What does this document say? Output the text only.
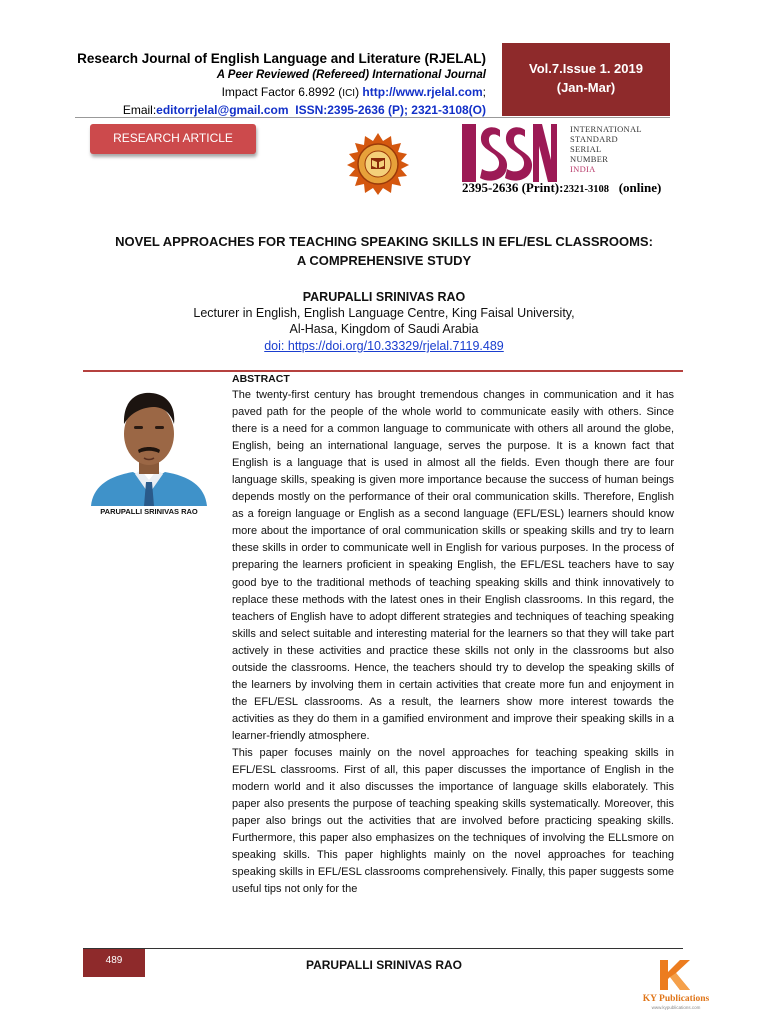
Research Journal of English Language and Literature (RJELAL)
A Peer Reviewed (Refereed) International Journal
Impact Factor 6.8992 (ICI) http://www.rjelal.com;
Email:editorrjelal@gmail.com ISSN:2395-2636 (P); 2321-3108(O)
Vol.7.Issue 1. 2019
(Jan-Mar)
RESEARCH ARTICLE
INTERNATIONAL
STANDARD
SERIAL
NUMBER
INDIA
2395-2636 (Print):2321-3108 (online)
NOVEL APPROACHES FOR TEACHING SPEAKING SKILLS IN EFL/ESL CLASSROOMS:
A COMPREHENSIVE STUDY
PARUPALLI SRINIVAS RAO
Lecturer in English, English Language Centre, King Faisal University,
Al-Hasa, Kingdom of Saudi Arabia
doi: https://doi.org/10.33329/rjelal.7119.489
PARUPALLI SRINIVAS RAO
ABSTRACT

The twenty-first century has brought tremendous changes in communication and it has paved path for the people of the whole world to communicate easily with others. Since there is a need for a common language to communicate with others all around the globe, English, being an international language, serves the purpose. It is a known fact that English is a language that is used in almost all the fields. Even though there are four language skills, speaking is given more importance because the success of human beings depends mostly on the performance of their oral communication skills. Therefore, English as a foreign language or English as a second language (EFL/ESL) learners should know more about the importance of oral communication skills or speaking skills and try to learn these skills in order to communicate well in English for various purposes. In the process of preparing the learners proficient in speaking English, the EFL/ESL teachers have to say good bye to the traditional methods of teaching speaking skills and think innovatively to replace these methods with the latest ones in their English classrooms. In this regard, the teachers of English have to adopt different strategies and techniques of teaching speaking skills and select suitable and interesting material for the learners so that they will take part actively in these activities and practice these skills not only in the classrooms but also outside the classrooms. Hence, the teachers should try to develop the speaking skills of the learners by involving them in certain activities that create more fun and enjoyment in the EFL/ESL classrooms. As a result, the learners show more interest towards the activities as they do them in a gamified environment and improve their speaking skills in a learner-friendly atmosphere.

This paper focuses mainly on the novel approaches for teaching speaking skills in EFL/ESL classrooms. First of all, this paper discusses the importance of English in the modern world and it also discusses the importance of language skills elaborately. This paper also presents the purpose of teaching speaking skills systematically. Moreover, this paper also brings out the activities that are involved before practicing speaking skills. Furthermore, this paper also emphasizes on the techniques of involving the ELLsmore on speaking skills. This paper highlights mainly on the novel approaches for teaching speaking skills in EFL/ESL classrooms comprehensively. Finally, this paper suggests some useful tips not only for the

489	PARUPALLI SRINIVAS RAO
KY Publications
www.kypublications.com
